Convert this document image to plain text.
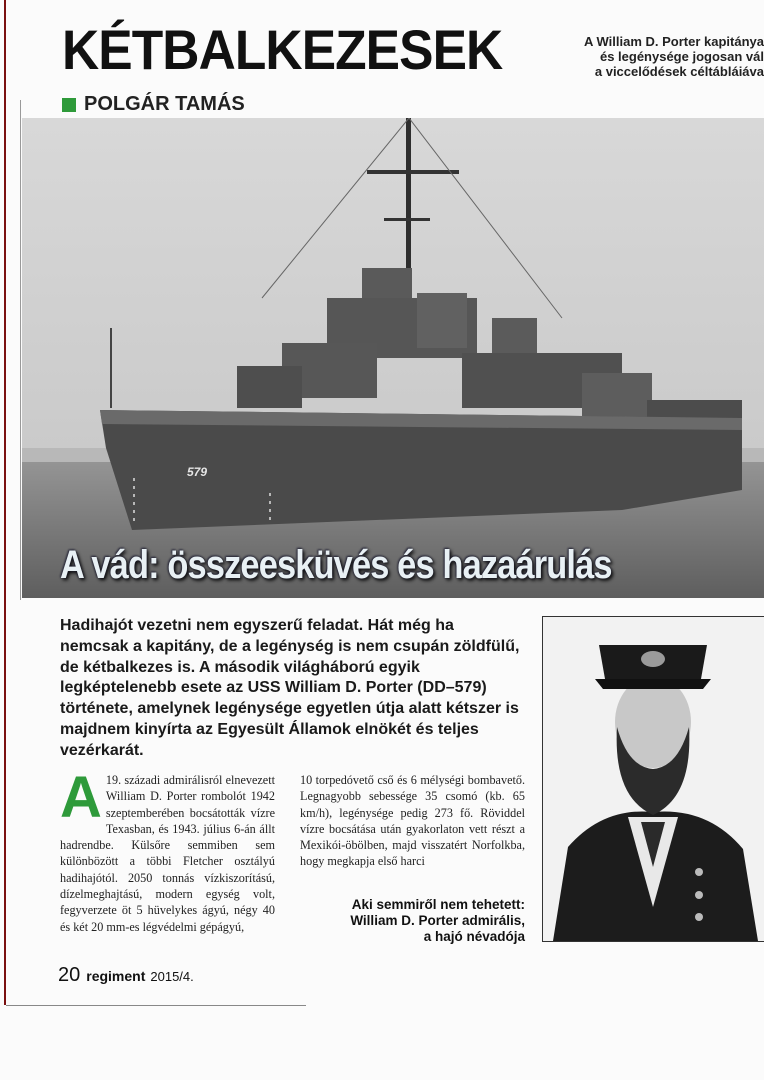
KÉTBALKEZESEK
POLGÁR TAMÁS
A William D. Porter kapitánya
és legénysége jogosan vál
a viccelődések céltábláiáva
579
A vád: összeesküvés és hazaárulás
Hadihajót vezetni nem egyszerű feladat. Hát még ha nemcsak a kapitány, de a legénység is nem csupán zöldfülű, de kétbalkezes is. A második világháború egyik legképtelenebb esete az USS William D. Porter (DD–579) története, amelynek legénysége egyetlen útja alatt kétszer is majdnem kinyírta az Egyesült Államok elnökét és teljes vezérkarát.
A 19. századi admirálisról elnevezett William D. Porter rombolót 1942 szeptemberében bocsátották vízre Texasban, és 1943. július 6-án állt hadrendbe. Külsőre semmiben sem különbözött a többi Fletcher osztályú hadihajótól. 2050 tonnás vízkiszorítású, dízelmeghajtású, modern egység volt, fegyverzete öt 5 hüvelykes ágyú, négy 40 és két 20 mm-es légvédelmi gépágyú,
10 torpedóvető cső és 6 mélységi bombavető. Legnagyobb sebessége 35 csomó (kb. 65 km/h), legénysége pedig 273 fő. Röviddel vízre bocsátása után gyakorlaton vett részt a Mexikói-öbölben, majd visszatért Norfolkba, hogy megkapja első harci
Aki semmiről nem tehetett:
William D. Porter admirális,
a hajó névadója
20 regiment 2015/4.
